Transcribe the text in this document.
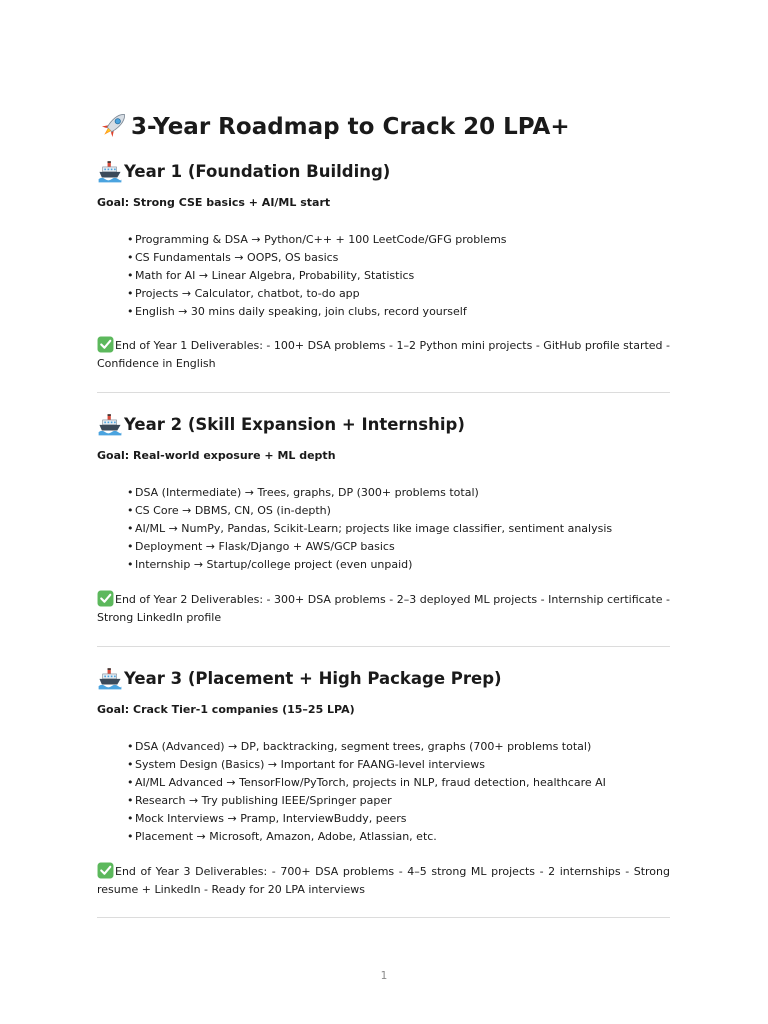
3-Year Roadmap to Crack 20 LPA+
Year 1 (Foundation Building)
Goal: Strong CSE basics + AI/ML start
• Programming & DSA → Python/C++ + 100 LeetCode/GFG problems
• CS Fundamentals → OOPS, OS basics
• Math for AI → Linear Algebra, Probability, Statistics
• Projects → Calculator, chatbot, to-do app
• English → 30 mins daily speaking, join clubs, record yourself
End of Year 1 Deliverables: - 100+ DSA problems - 1–2 Python mini projects - GitHub profile started - Confidence in English
Year 2 (Skill Expansion + Internship)
Goal: Real-world exposure + ML depth
• DSA (Intermediate) → Trees, graphs, DP (300+ problems total)
• CS Core → DBMS, CN, OS (in-depth)
• AI/ML → NumPy, Pandas, Scikit-Learn; projects like image classifier, sentiment analysis
• Deployment → Flask/Django + AWS/GCP basics
• Internship → Startup/college project (even unpaid)
End of Year 2 Deliverables: - 300+ DSA problems - 2–3 deployed ML projects - Internship certificate - Strong LinkedIn profile
Year 3 (Placement + High Package Prep)
Goal: Crack Tier-1 companies (15–25 LPA)
• DSA (Advanced) → DP, backtracking, segment trees, graphs (700+ problems total)
• System Design (Basics) → Important for FAANG-level interviews
• AI/ML Advanced → TensorFlow/PyTorch, projects in NLP, fraud detection, healthcare AI
• Research → Try publishing IEEE/Springer paper
• Mock Interviews → Pramp, InterviewBuddy, peers
• Placement → Microsoft, Amazon, Adobe, Atlassian, etc.
End of Year 3 Deliverables: - 700+ DSA problems - 4–5 strong ML projects - 2 internships - Strong resume + LinkedIn - Ready for 20 LPA interviews
1
